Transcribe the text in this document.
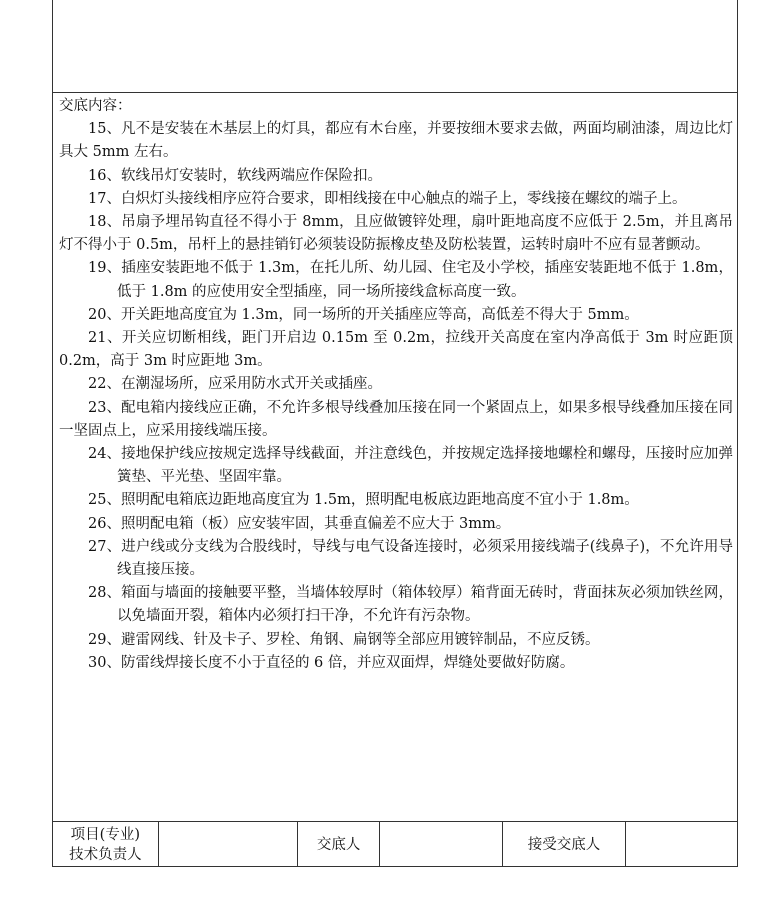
交底内容：

15、凡不是安装在木基层上的灯具，都应有木台座，并要按细木要求去做，两面均刷油漆，周边比灯具大 5mm 左右。

16、软线吊灯安装时，软线两端应作保险扣。

17、白炽灯头接线相序应符合要求，即相线接在中心触点的端子上，零线接在螺纹的端子上。

18、吊扇予埋吊钩直径不得小于 8mm，且应做镀锌处理，扇叶距地高度不应低于 2.5m，并且离吊灯不得小于 0.5m，吊杆上的悬挂销钉必须装设防振橡皮垫及防松装置，运转时扇叶不应有显著颤动。

19、插座安装距地不低于 1.3m，在托儿所、幼儿园、住宅及小学校，插座安装距地不低于 1.8m，低于 1.8m 的应使用安全型插座，同一场所接线盒标高度一致。

20、开关距地高度宜为 1.3m，同一场所的开关插座应等高，高低差不得大于 5mm。

21、开关应切断相线，距门开启边 0.15m 至 0.2m，拉线开关高度在室内净高低于 3m 时应距顶 0.2m，高于 3m 时应距地 3m。

22、在潮湿场所，应采用防水式开关或插座。

23、配电箱内接线应正确，不允许多根导线叠加压接在同一个紧固点上，如果多根导线叠加压接在同一坚固点上，应采用接线端压接。

24、接地保护线应按规定选择导线截面，并注意线色，并按规定选择接地螺栓和螺母，压接时应加弹簧垫、平光垫、坚固牢靠。

25、照明配电箱底边距地高度宜为 1.5m，照明配电板底边距地高度不宜小于 1.8m。

26、照明配电箱（板）应安装牢固，其垂直偏差不应大于 3mm。

27、进户线或分支线为合股线时，导线与电气设备连接时，必须采用接线端子(线鼻子)，不允许用导线直接压接。

28、箱面与墙面的接触要平整，当墙体较厚时（箱体较厚）箱背面无砖时，背面抹灰必须加铁丝网，以免墙面开裂，箱体内必须打扫干净，不允许有污杂物。

29、避雷网线、针及卡子、罗栓、角钢、扁钢等全部应用镀锌制品，不应反锈。

30、防雷线焊接长度不小于直径的 6 倍，并应双面焊，焊缝处要做好防腐。

项目(专业)
技术负责人
交底人	接受交底人
